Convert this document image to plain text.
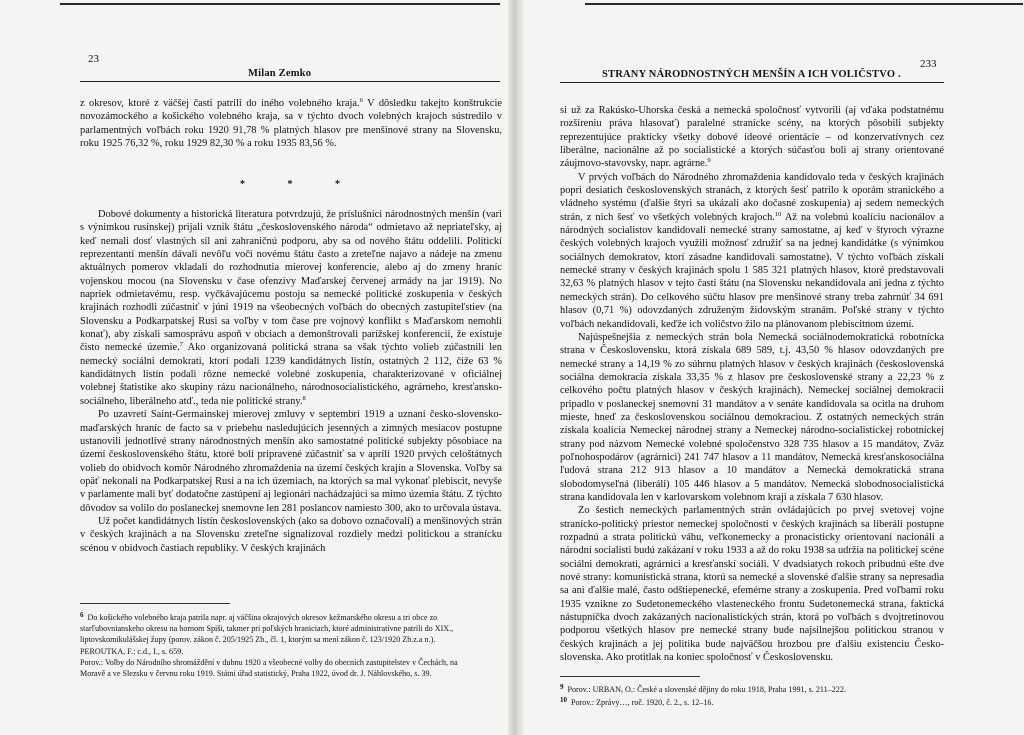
23
Milan Zemko

z okresov, ktoré z väčšej časti patrili do iného volebného kraja.$^6$ V dôsledku takejto konštrukcie novozámockého a košického volebného kraja, sa v týchto dvoch volebných krajoch sústredilo v parlamentných voľbách roku 1920 91,78 % platných hlasov pre menšinové strany na Slovensku, roku 1925 76,32 %, roku 1929 82,30 % a roku 1935 83,56 %.

* * *

Dobové dokumenty a historická literatura potvrdzujú, že príslušníci národnostných menšín (vari s výnimkou rusínskej) prijali vznik štátu „československého národa“ odmietavo až nepriateľsky, aj keď nemali dosť vlastných síl ani zahraničnú podporu, aby sa od nového štátu oddelili. Politickí reprezentanti menšín dávali nevôľu voči novému štátu často a zreteľne najavo a nádeje na zmenu aktuálnych pomerov vkladali do rozhodnutia mierovej konferencie, alebo aj do zmeny hraníc vojenskou mocou (na Slovensku v čase ofenzívy Maďarskej červenej armády na jar 1919). No napriek odmietavému, resp. vyčkávajúcemu postoju sa nemecké politické zoskupenia v českých krajinách rozhodli zúčastniť v júni 1919 na všeobecných voľbách do obecných zastupiteľstiev (na Slovensku a Podkarpatskej Rusi sa voľby v tom čase pre vojnový konflikt s Maďarskom nemohli konať), aby získali samosprávu aspoň v obciach a demonštrovali parížskej konferencii, že existuje čisto nemecké územie.$^7$ Ako organizovaná politická strana sa však týchto volieb zúčastnili len nemecký sociálni demokrati, ktorí podali 1239 kandidátnych listín, ostatných 2 112, čiže 63 % kandidátnych listín podali rôzne nemecké volebné zoskupenia, charakterizované v oficiálnej volebnej štatistike ako skupiny rázu nacionálneho, národnosocialistického, agrárneho, kresťansko-sociálneho, liberálneho atď., teda nie politické strany.$^8$

Po uzavretí Saint-Germainskej mierovej zmluvy v septembri 1919 a uznaní česko-slovensko-maďarských hraníc de facto sa v priebehu nasledujúcich jesenných a zimných mesiacov postupne ustanovili jednotlivé strany národnostných menšín ako samostatné politické subjekty pôsobiace na území československého štátu, ktoré boli pripravené zúčastniť sa v apríli 1920 prvých celoštátnych volieb do obidvoch komôr Národného zhromaždenia na území českých krajín a Slovenska. Voľby sa opäť nekonali na Podkarpatskej Rusi a na ich územiach, na ktorých sa mal vykonať plebiscit, nevyše v parlamente mali byť dodatočne zastúpení aj legionári nachádzajúci sa mimo územia štátu. Z týchto dôvodov sa volilo do poslaneckej snemovne len 281 poslancov namiesto 300, ako to určovala ústava.

Už počet kandidátnych listín československých (ako sa dobovo označovali) a menšinových strán v českých krajinách a na Slovensku zreteľne signalizoval rozdiely medzi politickou a stranícku scénou v obidvoch častiach republiky. V českých krajinách

6 Do košického volebného kraja patrila napr. aj väčšina okrajových okresov kežmarského okresu a tri obce zo starľubovnianskeho okresu na hornom Spiši, takmer pri poľských hraniciach, ktoré administratívne patrili do XIX., liptovskomikulášskej župy (porov. zákon č. 205/1925 Zb., čl. 1, ktorým sa mení zákon č. 123/1920 Zb.z.a n.).

PEROUTKA, F.: c.d., I., s. 659.

Porov.: Volby do Národního shromáždění v dubnu 1920 a všeobecné volby do obecních zastupitelstev v Čechách, na Moravě a ve Slezsku v červnu roku 1919. Státní úřad statistický, Praha 1922, úvod dr. J. Náhlovského, s. 39.

233
STRANY NÁRODNOSTNÝCH MENŠÍN A ICH VOLIČSTVO .

si už za Rakúsko-Uhorska česká a nemecká spoločnosť vytvorili (aj vďaka podstatnému rozšíreniu práva hlasovať) paralelné stranícke scény, na ktorých pôsobili subjekty reprezentujúce prakticky všetky dobové ideové orientácie – od konzervatívnych cez liberálne, nacionálne až po socialistické a ktorých súčasťou boli aj strany orientované záujmovo-stavovsky, napr. agrárne.$^9$

V prvých voľbách do Národného zhromaždenia kandidovalo teda v českých krajinách popri desiatich československých stranách, z ktorých šesť patrilo k oporám stranického a vládneho systému (ďalšie štyri sa ukázali ako dočasné zoskupenia) aj sedem nemeckých strán, z nich šesť vo všetkých volebných krajoch.$^{10}$ Až na volebnú koalíciu nacionálov a národných socialistov kandidovali nemecké strany samostatne, aj keď v štyroch výrazne českých volebných krajoch využili možnosť združiť sa na jednej kandidátke (s výnimkou sociálnych demokratov, ktorí zásadne kandidovali samostatne). V týchto voľbách získali nemecké strany v českých krajinách spolu 1 585 321 platných hlasov, ktoré predstavovali 32,63 % platných hlasov v tejto časti štátu (na Slovensku nekandidovala ani jedna z týchto nemeckých strán). Do celkového súčtu hlasov pre menšinové strany treba zahrnúť 34 691 hlasov (0,71 %) odovzdaných združeným židovským stranám. Poľské strany v týchto voľbách nekandidovali, keďže ich voličstvo žilo na plánovanom plebiscitnom území.

Najúspešnejšia z nemeckých strán bola Nemecká sociálnodemokratická robotnícka strana v Československu, ktorá získala 689 589, t.j. 43,50 % hlasov odovzdaných pre nemecké strany a 14,19 % zo súhrnu platných hlasov v českých krajinách (československá sociálna demokracia získala 33,35 % z hlasov pre československé strany a 22,23 % z celkového počtu platných hlasov v českých krajinách). Nemeckej sociálnej demokracii pripadlo v poslaneckej snemovni 31 mandátov a v senáte kandidovala sa ocitla na druhom mieste, hneď za československou sociálnou demokraciou. Z ostatných nemeckých strán získala koalícia Nemeckej národnej strany a Nemeckej národno-socialistickej robotníckej strany pod názvom Nemecké volebné spoločenstvo 328 735 hlasov a 15 mandátov, Zväz poľnohospodárov (agrárnici) 241 747 hlasov a 11 mandátov, Nemecká kresťanskosociálna ľudová strana 212 913 hlasov a 10 mandátov a Nemecká demokratická strana slobodomyseľná (liberáli) 105 446 hlasov a 5 mandátov. Nemecká slobodnosocialistická strana kandidovala len v karlovarskom volebnom kraji a získala 7 630 hlasov.

Zo šestich nemeckých parlamentných strán ovládajúcich po prvej svetovej vojne stranícko-politický priestor nemeckej spoločnosti v českých krajinách sa liberáli postupne rozpadnú a strata politickú váhu, veľkonemecky a pronacisticky orientovaní nacionáli a národní socialisti budú zakázaní v roku 1933 a až do roku 1938 sa udržia na politickej scéne sociálni demokrati, agrárnici a kresťanskí sociáli. V dvadsiatych rokoch pribudnú ešte dve nové strany: komunistická strana, ktorú sa nemecké a slovenské ďalšie strany sa nepresadia sa ani ďalšie malé, často odštiepenecké, efemérne strany a zoskupenia. Pred voľbami roku 1935 vznikne zo Sudetonemeckého vlasteneckého frontu Sudetonemecká strana, faktická nástupníčka dvoch zakázaných nacionalistických strán, ktorá po voľbách s dvojtretinovou podporou všetkých hlasov pre nemecké strany bude najsilnejšou politickou stranou v českých krajinách a jej politika bude najväčšou hrozbou pre ďalšiu existenciu Česko-slovenska. Ako protitlak na koniec spoločnosť v Československu.

9 Porov.: URBAN, O.: České a slovenské dějiny do roku 1918, Praha 1991, s. 211–222.

10 Porov.: Zprávy…, roč. 1920, č. 2., s. 12–16.
